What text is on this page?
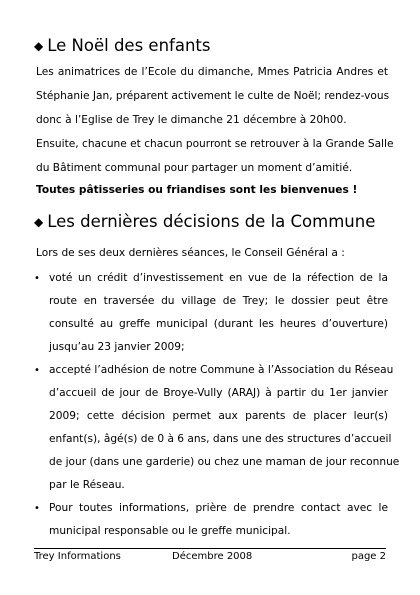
◆ Le Noël des enfants
Les animatrices de l’Ecole du dimanche, Mmes Patricia Andres et
Stéphanie Jan, préparent activement le culte de Noël; rendez-vous
donc à l’Eglise de Trey le dimanche 21 décembre à 20h00.
Ensuite, chacune et chacun pourront se retrouver à la Grande Salle
du Bâtiment communal pour partager un moment d’amitié.
Toutes pâtisseries ou friandises sont les bienvenues !
◆ Les dernières décisions de la Commune
Lors de ses deux dernières séances, le Conseil Général a :
• voté un crédit d’investissement en vue de la réfection de la
route en traversée du village de Trey; le dossier peut être
consulté au greffe municipal (durant les heures d’ouverture)
jusqu’au 23 janvier 2009;
• accepté l’adhésion de notre Commune à l’Association du Réseau
d’accueil de jour de Broye-Vully (ARAJ) à partir du 1er janvier
2009; cette décision permet aux parents de placer leur(s)
enfant(s), âgé(s) de 0 à 6 ans, dans une des structures d’accueil
de jour (dans une garderie) ou chez une maman de jour reconnue
par le Réseau.
• Pour toutes informations, prière de prendre contact avec le
municipal responsable ou le greffe municipal.
Trey Informations	Décembre 2008	page 2
